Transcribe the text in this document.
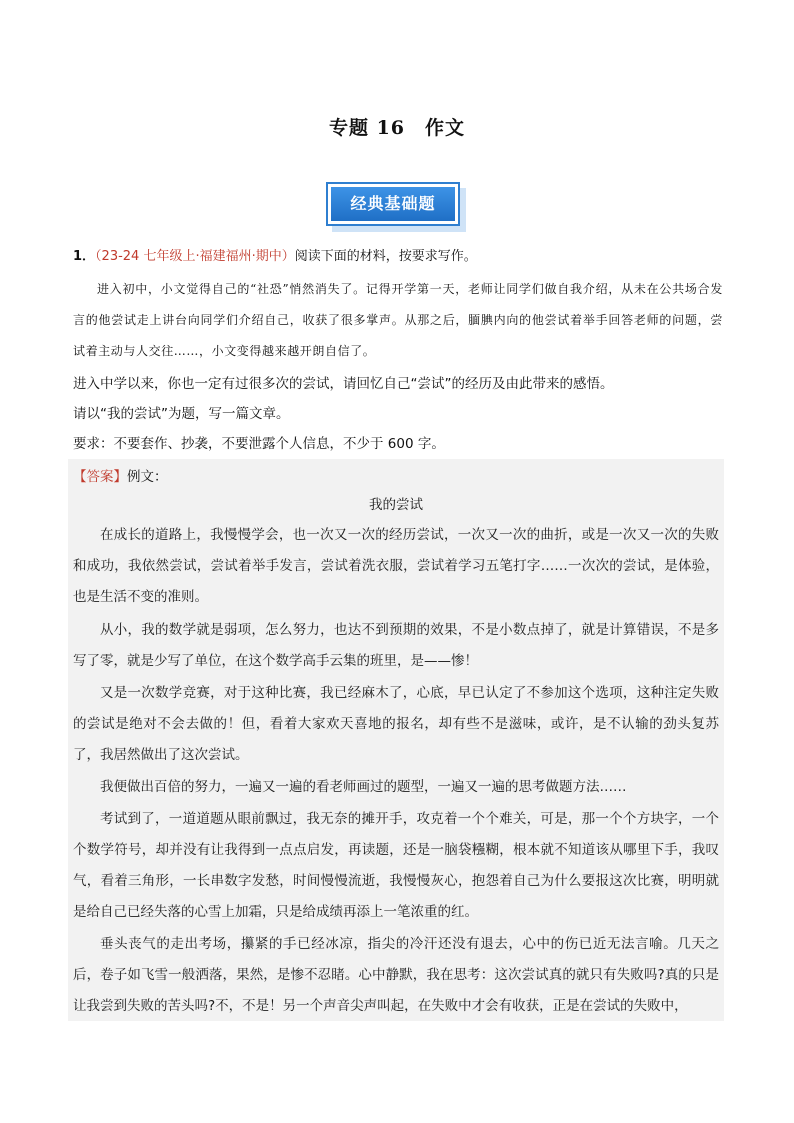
专题 16　作文
经典基础题
1．（23-24 七年级上·福建福州·期中）阅读下面的材料，按要求写作。
进入初中，小文觉得自己的“社恐”悄然消失了。记得开学第一天，老师让同学们做自我介绍，从未在公共场合发言的他尝试走上讲台向同学们介绍自己，收获了很多掌声。从那之后，腼腆内向的他尝试着举手回答老师的问题，尝试着主动与人交往……，小文变得越来越开朗自信了。
进入中学以来，你也一定有过很多次的尝试，请回忆自己“尝试”的经历及由此带来的感悟。
请以“我的尝试”为题，写一篇文章。
要求：不要套作、抄袭，不要泄露个人信息，不少于 600 字。
【答案】例文：
我的尝试
在成长的道路上，我慢慢学会，也一次又一次的经历尝试，一次又一次的曲折，或是一次又一次的失败和成功，我依然尝试，尝试着举手发言，尝试着洗衣服，尝试着学习五笔打字……一次次的尝试，是体验，也是生活不变的准则。
从小，我的数学就是弱项，怎么努力，也达不到预期的效果，不是小数点掉了，就是计算错误，不是多写了零，就是少写了单位，在这个数学高手云集的班里，是——惨！
又是一次数学竞赛，对于这种比赛，我已经麻木了，心底，早已认定了不参加这个选项，这种注定失败的尝试是绝对不会去做的！但，看着大家欢天喜地的报名，却有些不是滋味，或许，是不认输的劲头复苏了，我居然做出了这次尝试。
我便做出百倍的努力，一遍又一遍的看老师画过的题型，一遍又一遍的思考做题方法……
考试到了，一道道题从眼前飘过，我无奈的摊开手，攻克着一个个难关，可是，那一个个方块字，一个个数学符号，却并没有让我得到一点点启发，再读题，还是一脑袋糨糊，根本就不知道该从哪里下手，我叹气，看着三角形，一长串数字发愁，时间慢慢流逝，我慢慢灰心，抱怨着自己为什么要报这次比赛，明明就是给自己已经失落的心雪上加霜，只是给成绩再添上一笔浓重的红。
垂头丧气的走出考场，攥紧的手已经冰凉，指尖的冷汗还没有退去，心中的伤已近无法言喻。几天之后，卷子如飞雪一般洒落，果然，是惨不忍睹。心中静默，我在思考：这次尝试真的就只有失败吗?真的只是让我尝到失败的苦头吗?不，不是！另一个声音尖声叫起，在失败中才会有收获，正是在尝试的失败中，
